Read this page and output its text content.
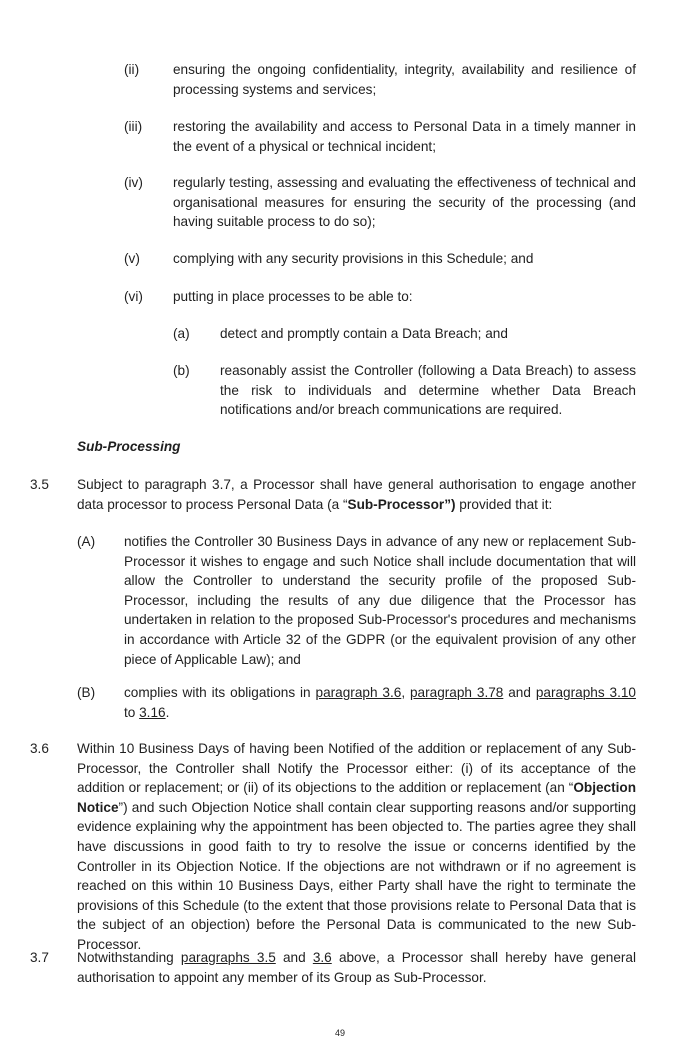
(ii) ensuring the ongoing confidentiality, integrity, availability and resilience of processing systems and services;

(iii) restoring the availability and access to Personal Data in a timely manner in the event of a physical or technical incident;

(iv) regularly testing, assessing and evaluating the effectiveness of technical and organisational measures for ensuring the security of the processing (and having suitable process to do so);

(v) complying with any security provisions in this Schedule; and

(vi) putting in place processes to be able to:

(a) detect and promptly contain a Data Breach; and

(b) reasonably assist the Controller (following a Data Breach) to assess the risk to individuals and determine whether Data Breach notifications and/or breach communications are required.

Sub-Processing

3.5 Subject to paragraph 3.7, a Processor shall have general authorisation to engage another data processor to process Personal Data (a “Sub-Processor”) provided that it:

(A) notifies the Controller 30 Business Days in advance of any new or replacement Sub-Processor it wishes to engage and such Notice shall include documentation that will allow the Controller to understand the security profile of the proposed Sub-Processor, including the results of any due diligence that the Processor has undertaken in relation to the proposed Sub-Processor's procedures and mechanisms in accordance with Article 32 of the GDPR (or the equivalent provision of any other piece of Applicable Law); and

(B) complies with its obligations in paragraph 3.6, paragraph 3.78 and paragraphs 3.10 to 3.16.

3.6 Within 10 Business Days of having been Notified of the addition or replacement of any Sub-Processor, the Controller shall Notify the Processor either: (i) of its acceptance of the addition or replacement; or (ii) of its objections to the addition or replacement (an “Objection Notice”) and such Objection Notice shall contain clear supporting reasons and/or supporting evidence explaining why the appointment has been objected to. The parties agree they shall have discussions in good faith to try to resolve the issue or concerns identified by the Controller in its Objection Notice. If the objections are not withdrawn or if no agreement is reached on this within 10 Business Days, either Party shall have the right to terminate the provisions of this Schedule (to the extent that those provisions relate to Personal Data that is the subject of an objection) before the Personal Data is communicated to the new Sub-Processor.

3.7 Notwithstanding paragraphs 3.5 and 3.6 above, a Processor shall hereby have general authorisation to appoint any member of its Group as Sub-Processor.

49
